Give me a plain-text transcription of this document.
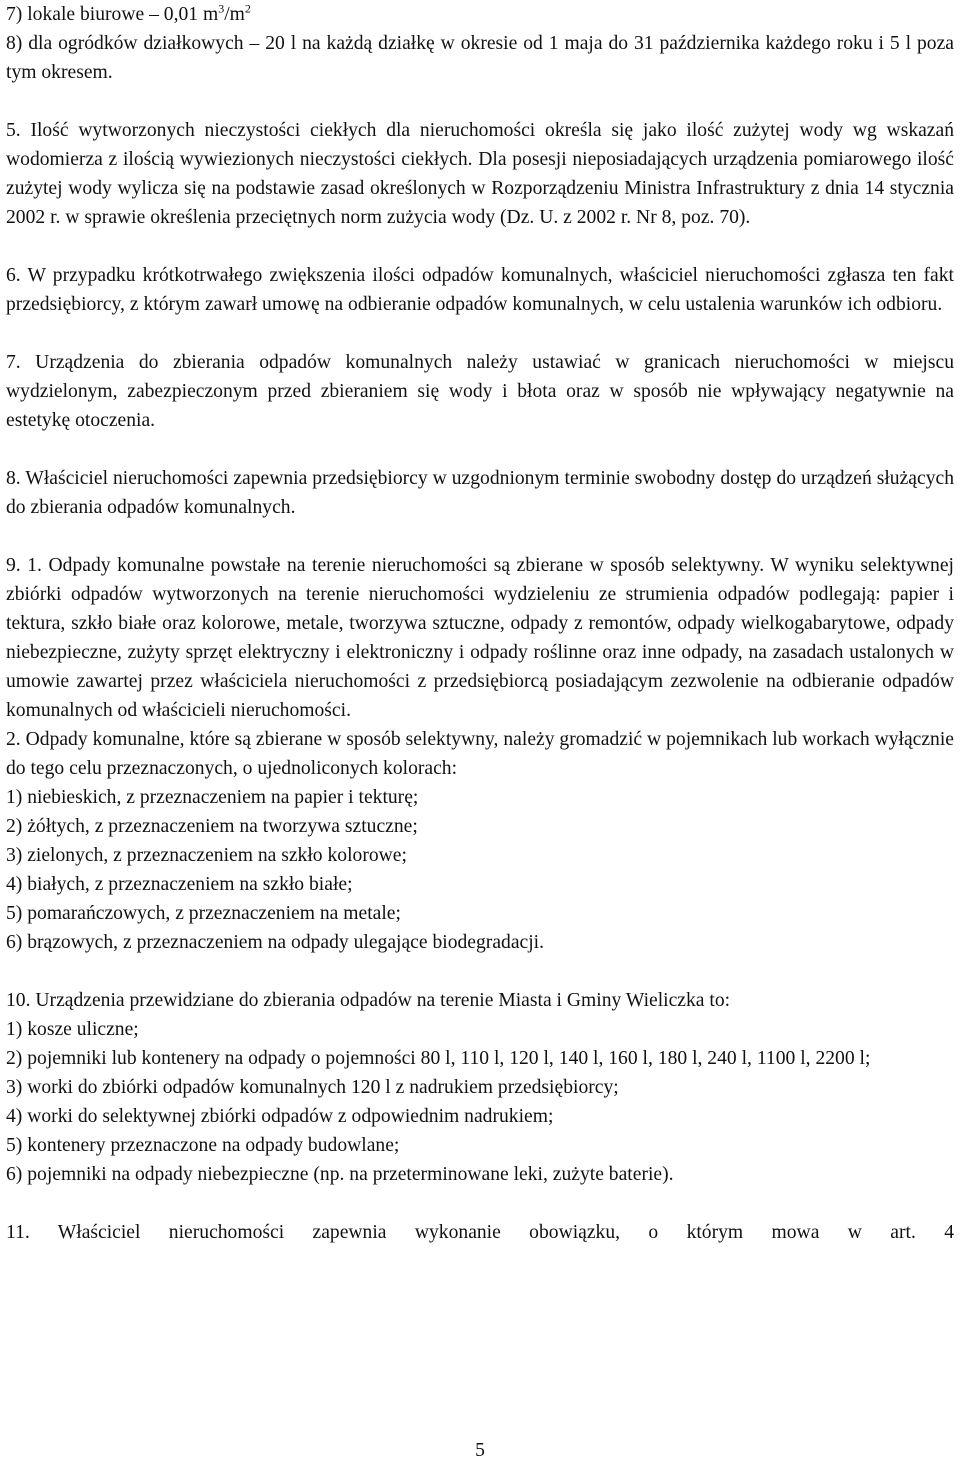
7) lokale biurowe – 0,01 $m^3/m^2$

8) dla ogródków działkowych – 20 l na każdą działkę w okresie od 1 maja do 31 października każdego roku i 5 l poza tym okresem.

5. Ilość wytworzonych nieczystości ciekłych dla nieruchomości określa się jako ilość zużytej wody wg wskazań wodomierza z ilością wywiezionych nieczystości ciekłych. Dla posesji nieposiadających urządzenia pomiarowego ilość zużytej wody wylicza się na podstawie zasad określonych w Rozporządzeniu Ministra Infrastruktury z dnia 14 stycznia 2002 r. w sprawie określenia przeciętnych norm zużycia wody (Dz. U. z 2002 r. Nr 8, poz. 70).

6. W przypadku krótkotrwałego zwiększenia ilości odpadów komunalnych, właściciel nieruchomości zgłasza ten fakt przedsiębiorcy, z którym zawarł umowę na odbieranie odpadów komunalnych, w celu ustalenia warunków ich odbioru.

7. Urządzenia do zbierania odpadów komunalnych należy ustawiać w granicach nieruchomości w miejscu wydzielonym, zabezpieczonym przed zbieraniem się wody i błota oraz w sposób nie wpływający negatywnie na estetykę otoczenia.

8. Właściciel nieruchomości zapewnia przedsiębiorcy w uzgodnionym terminie swobodny dostęp do urządzeń służących do zbierania odpadów komunalnych.

9. 1. Odpady komunalne powstałe na terenie nieruchomości są zbierane w sposób selektywny. W wyniku selektywnej zbiórki odpadów wytworzonych na terenie nieruchomości wydzieleniu ze strumienia odpadów podlegają: papier i tektura, szkło białe oraz kolorowe, metale, tworzywa sztuczne, odpady z remontów, odpady wielkogabarytowe, odpady niebezpieczne, zużyty sprzęt elektryczny i elektroniczny i odpady roślinne oraz inne odpady, na zasadach ustalonych w umowie zawartej przez właściciela nieruchomości z przedsiębiorcą posiadającym zezwolenie na odbieranie odpadów komunalnych od właścicieli nieruchomości.

2. Odpady komunalne, które są zbierane w sposób selektywny, należy gromadzić w pojemnikach lub workach wyłącznie do tego celu przeznaczonych, o ujednoliconych kolorach:

1) niebieskich, z przeznaczeniem na papier i tekturę;

2) żółtych, z przeznaczeniem na tworzywa sztuczne;

3) zielonych, z przeznaczeniem na szkło kolorowe;

4) białych, z przeznaczeniem na szkło białe;

5) pomarańczowych, z przeznaczeniem na metale;

6) brązowych, z przeznaczeniem na odpady ulegające biodegradacji.

10. Urządzenia przewidziane do zbierania odpadów na terenie Miasta i Gminy Wieliczka to:

1) kosze uliczne;

2) pojemniki lub kontenery na odpady o pojemności 80 l, 110 l, 120 l, 140 l, 160 l, 180 l, 240 l, 1100 l, 2200 l;

3) worki do zbiórki odpadów komunalnych 120 l z nadrukiem przedsiębiorcy;

4) worki do selektywnej zbiórki odpadów z odpowiednim nadrukiem;

5) kontenery przeznaczone na odpady budowlane;

6) pojemniki na odpady niebezpieczne (np. na przeterminowane leki, zużyte baterie).

11. Właściciel nieruchomości zapewnia wykonanie obowiązku, o którym mowa w art. 4

5
